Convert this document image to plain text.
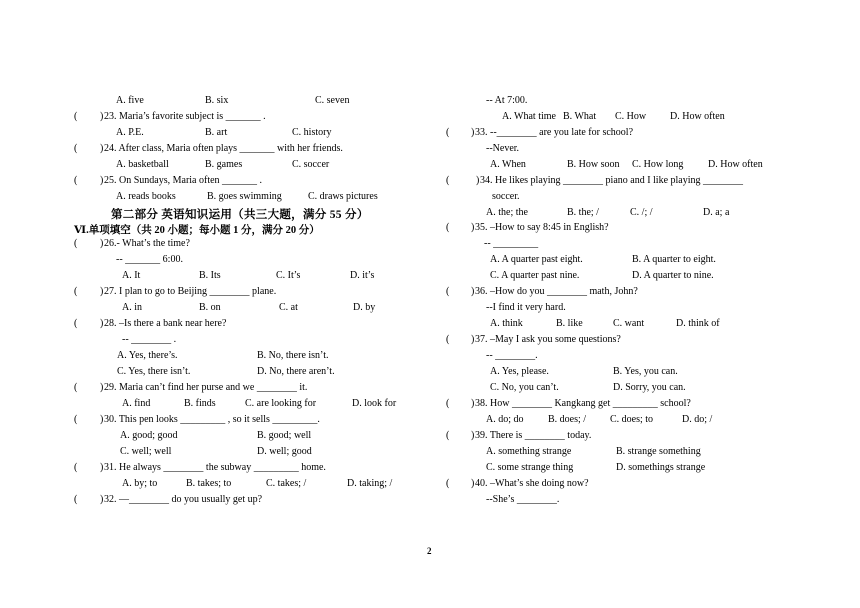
A. five	B. six	C. seven
( ) 23. Maria’s favorite subject is _______ .
A. P.E.	B. art	C. history
( ) 24. After class, Maria often plays _______ with her friends.
A. basketball	B. games	C. soccer
( ) 25. On Sundays, Maria often _______ .
A. reads books	B. goes swimming	C. draws pictures
第二部分 英语知识运用（共三大题，满分 55 分）
Ⅵ.单项填空（共 20 小题；每小题 1 分，满分 20 分）
( ) 26.- What’s the time?
-- _______ 6:00.
A. It	B. Its	C. It’s	D. it’s
( ) 27. I plan to go to Beijing ________ plane.
A. in	B. on	C. at	D. by
( ) 28. –Is there a bank near here?
-- ________ .
A. Yes, there’s.	B. No, there isn’t.
C. Yes, there isn’t.	D. No, there aren’t.
( ) 29. Maria can’t find her purse and we ________ it.
A. find	B. finds	C. are looking for	D. look for
( ) 30. This pen looks _________ , so it sells _________.
A. good; good	B. good; well
C. well; well	D. well; good
( ) 31. He always ________ the subway _________ home.
A. by; to	B. takes; to	C. takes; /	D. taking; /
( ) 32. —________ do you usually get up?
-- At 7:00.
A. What time B. What C. How D. How often
( ) 33. --________ are you late for school?
--Never.
A. When	B. How soon C. How long D. How often
(	) 34. He likes playing ________ piano and I like playing ________
soccer.
A. the; the	B. the; /	C. /; /	D. a; a
( ) 35. –How to say 8:45 in English?
-- _________
A. A quarter past eight.	B. A quarter to eight.
C. A quarter past nine.	D. A quarter to nine.
( ) 36. –How do you ________ math, John?
--I find it very hard.
A. think	B. like	C. want	D. think of
( ) 37. –May I ask you some questions?
-- ________.
A. Yes, please.	B. Yes, you can.
C. No, you can’t.	D. Sorry, you can.
( ) 38. How ________ Kangkang get _________ school?
A. do; do B. does; / C. does; to	D. do; /
( ) 39. There is ________ today.
A. something strange	B. strange something
C. some strange thing	D. somethings strange
( ) 40. –What’s she doing now?
--She’s ________.
2
